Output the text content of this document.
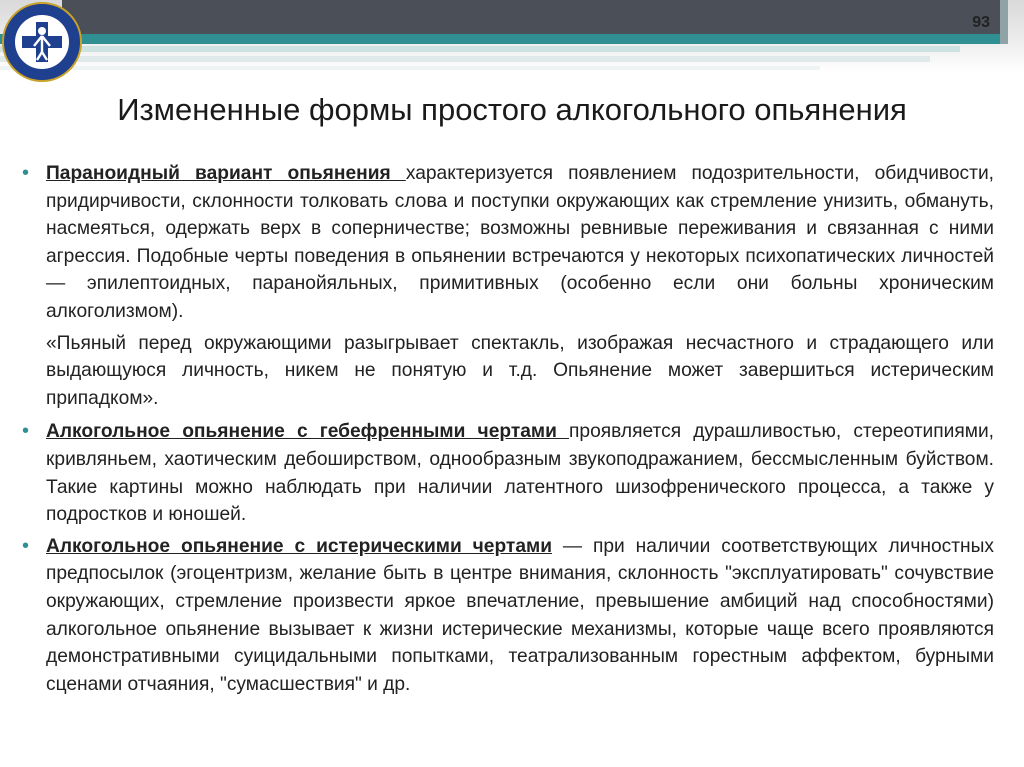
93
Измененные формы простого алкогольного опьянения
• Параноидный вариант опьянения характеризуется появлением подозрительности, обидчивости, придирчивости, склонности толковать слова и поступки окружающих как стремление унизить, обмануть, насмеяться, одержать верх в соперничестве; возможны ревнивые переживания и связанная с ними агрессия. Подобные черты поведения в опьянении встречаются у некоторых психопатических личностей — эпилептоидных, паранойяльных, примитивных (особенно если они больны хроническим алкоголизмом).
«Пьяный перед окружающими разыгрывает спектакль, изображая несчастного и страдающего или выдающуюся личность, никем не понятую и т.д. Опьянение может завершиться истерическим припадком».
• Алкогольное опьянение с гебефренными чертами проявляется дурашливостью, стереотипиями, кривляньем, хаотическим дебоширством, однообразным звукоподражанием, бессмысленным буйством. Такие картины можно наблюдать при наличии латентного шизофренического процесса, а также у подростков и юношей.
• Алкогольное опьянение с истерическими чертами — при наличии соответствующих личностных предпосылок (эгоцентризм, желание быть в центре внимания, склонность "эксплуатировать" сочувствие окружающих, стремление произвести яркое впечатление, превышение амбиций над способностями) алкогольное опьянение вызывает к жизни истерические механизмы, которые чаще всего проявляются демонстративными суицидальными попытками, театрализованным горестным аффектом, бурными сценами отчаяния, "сумасшествия" и др.
